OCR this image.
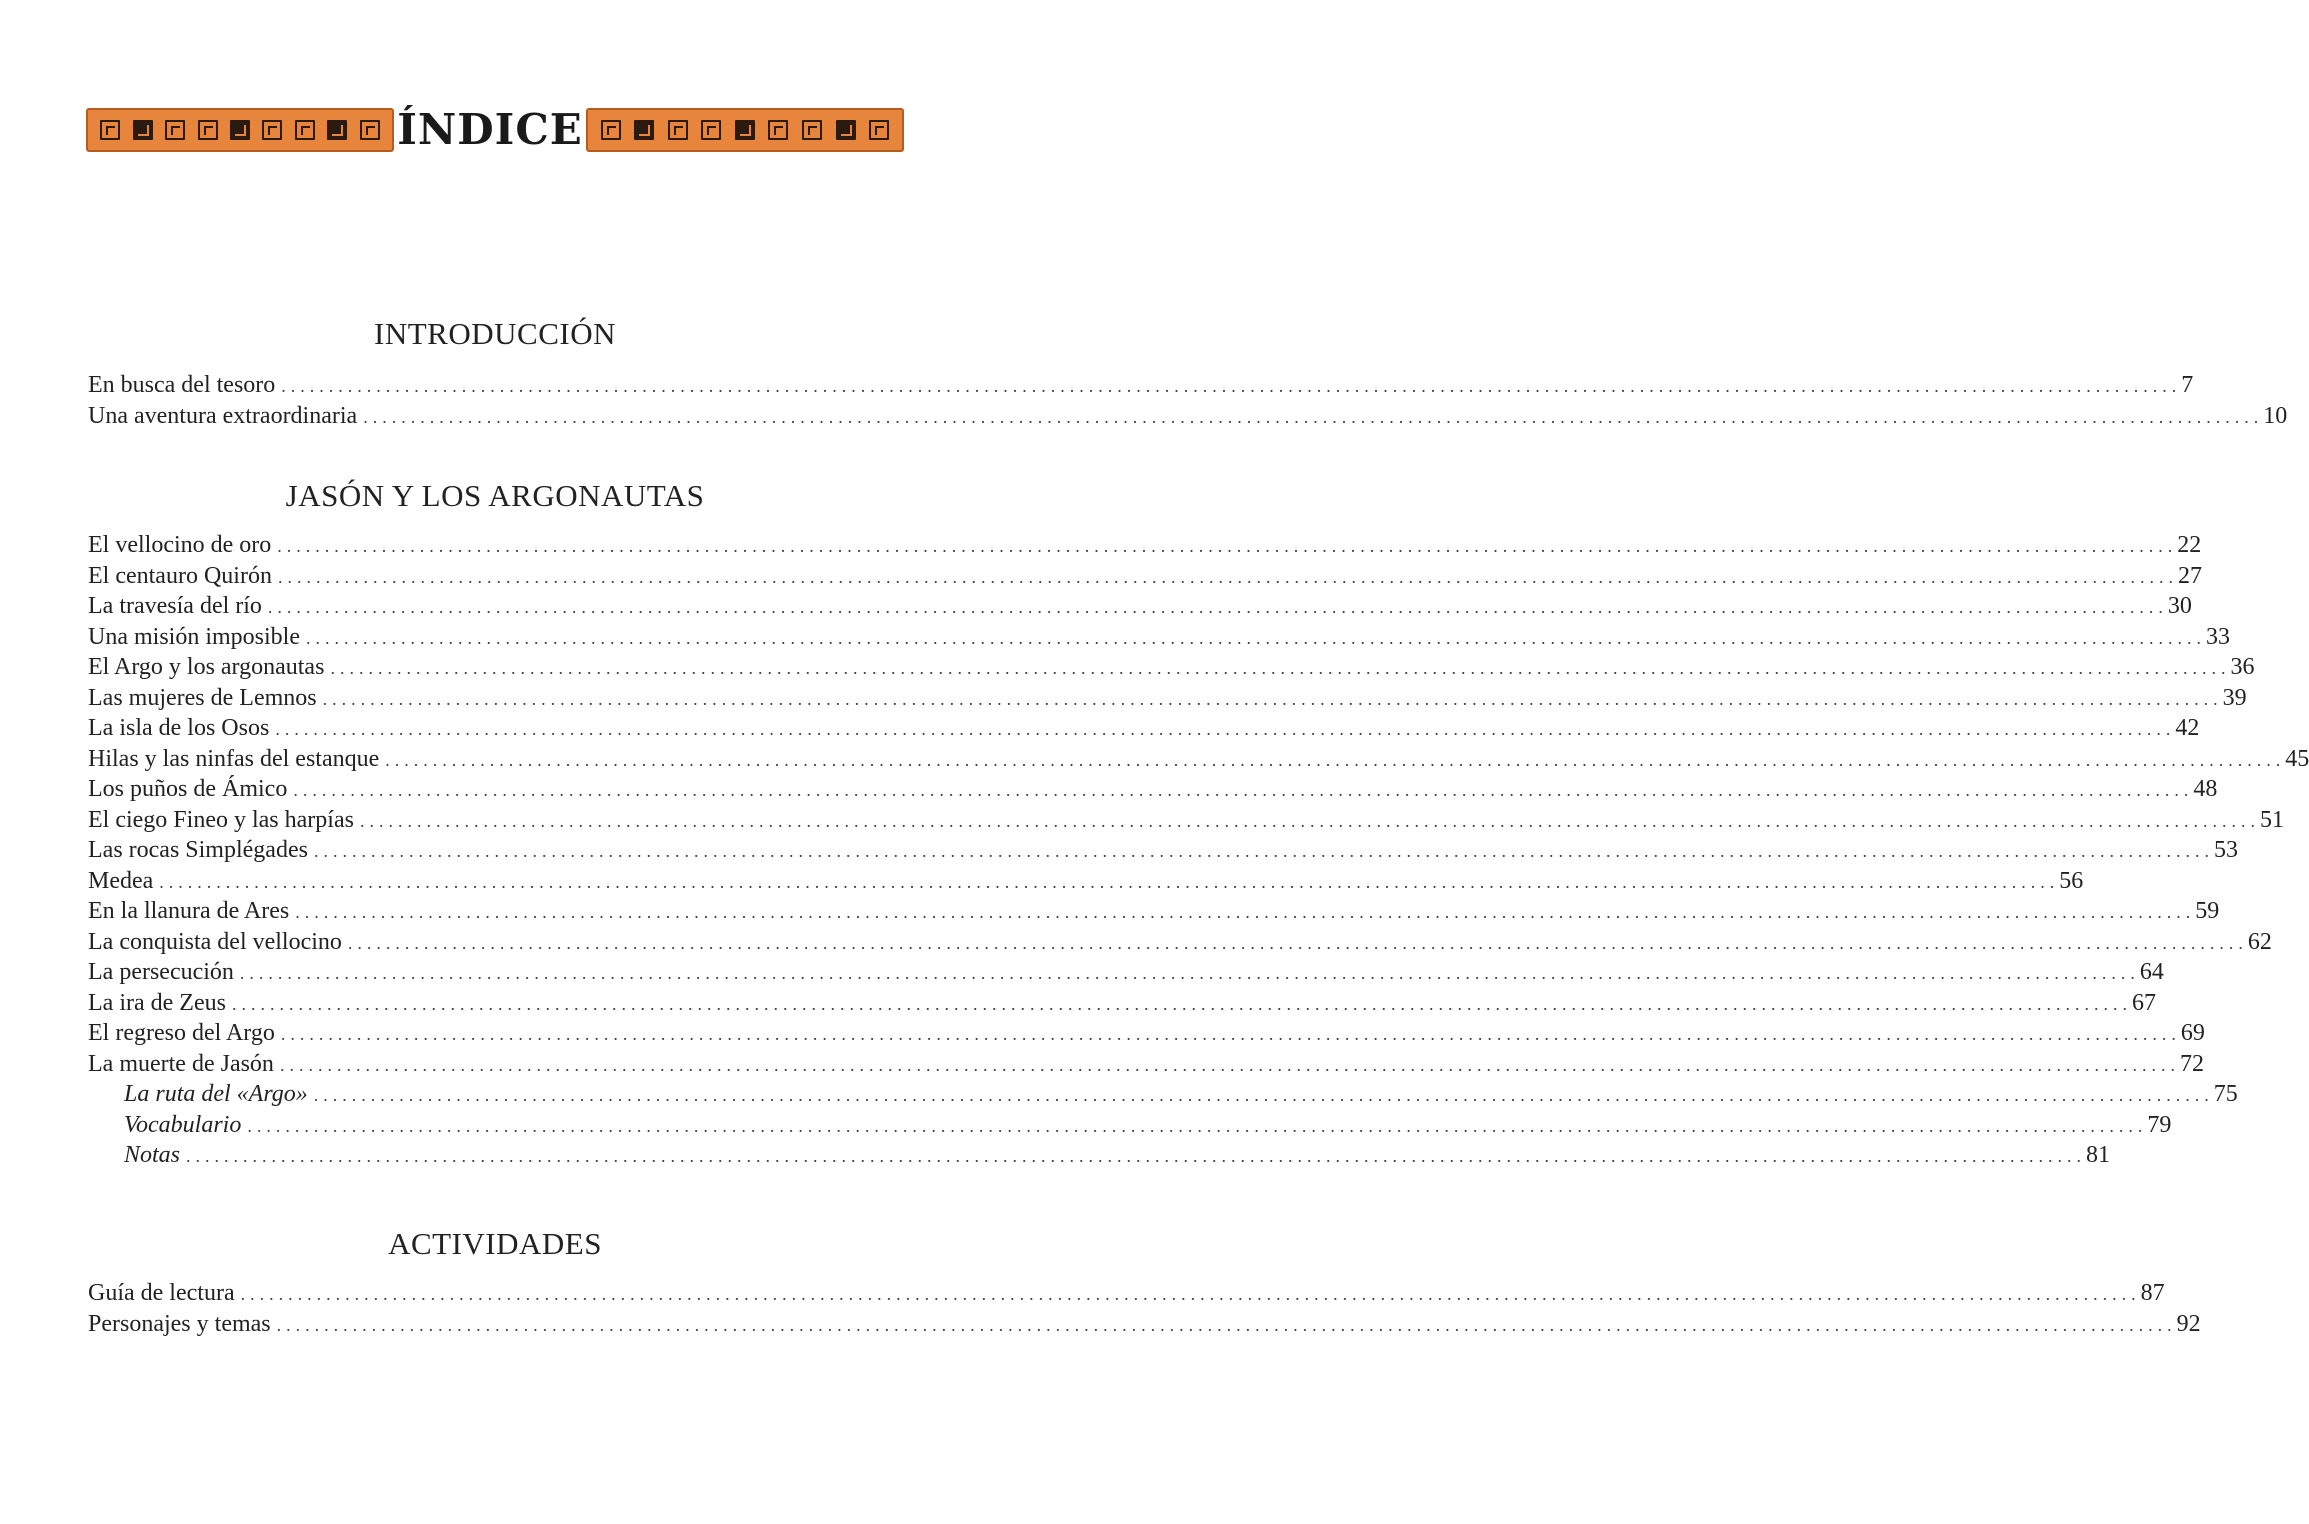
ÍNDICE
INTRODUCCIÓN
En busca del tesoro ........................................................................................................................................................................................................ 7
Una aventura extraordinaria ........................................................................................................................................................................................................ 10
JASÓN Y LOS ARGONAUTAS
El vellocino de oro ........................................................................................................................................................................................................ 22
El centauro Quirón ........................................................................................................................................................................................................ 27
La travesía del río ........................................................................................................................................................................................................ 30
Una misión imposible ........................................................................................................................................................................................................ 33
El Argo y los argonautas ........................................................................................................................................................................................................ 36
Las mujeres de Lemnos ........................................................................................................................................................................................................ 39
La isla de los Osos ........................................................................................................................................................................................................ 42
Hilas y las ninfas del estanque ........................................................................................................................................................................................................ 45
Los puños de Ámico ........................................................................................................................................................................................................ 48
El ciego Fineo y las harpías ........................................................................................................................................................................................................ 51
Las rocas Simplégades ........................................................................................................................................................................................................ 53
Medea ........................................................................................................................................................................................................ 56
En la llanura de Ares ........................................................................................................................................................................................................ 59
La conquista del vellocino ........................................................................................................................................................................................................ 62
La persecución ........................................................................................................................................................................................................ 64
La ira de Zeus ........................................................................................................................................................................................................ 67
El regreso del Argo ........................................................................................................................................................................................................ 69
La muerte de Jasón ........................................................................................................................................................................................................ 72
La ruta del «Argo» ........................................................................................................................................................................................................ 75
Vocabulario ........................................................................................................................................................................................................ 79
Notas ........................................................................................................................................................................................................ 81
ACTIVIDADES
Guía de lectura ........................................................................................................................................................................................................ 87
Personajes y temas ........................................................................................................................................................................................................ 92
